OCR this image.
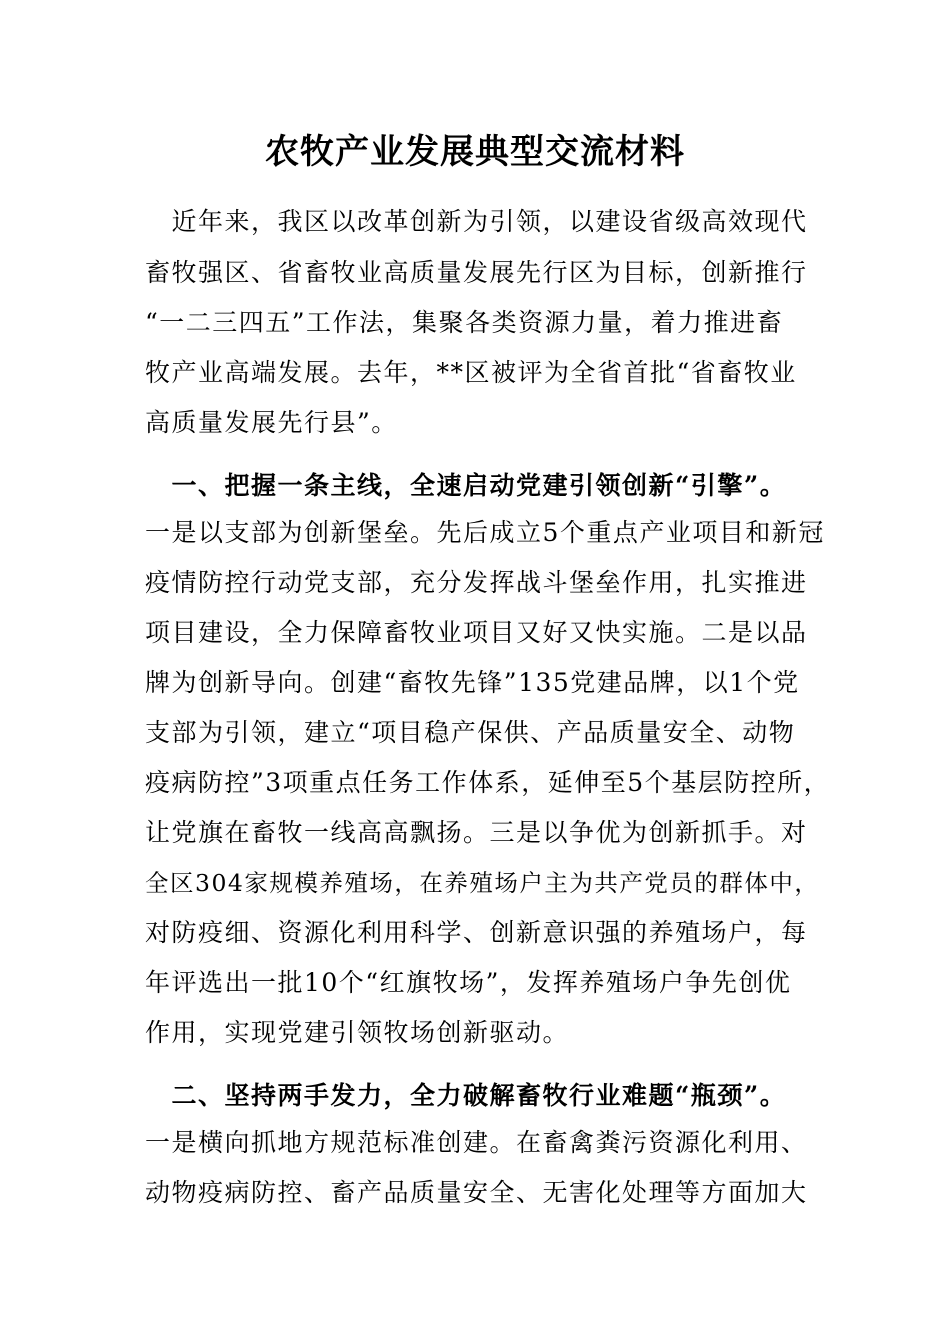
农牧产业发展典型交流材料
　近年来，我区以改革创新为引领，以建设省级高效现代
畜牧强区、省畜牧业高质量发展先行区为目标，创新推行
“一二三四五”工作法，集聚各类资源力量，着力推进畜
牧产业高端发展。去年，**区被评为全省首批“省畜牧业
高质量发展先行县”。
　一、把握一条主线，全速启动党建引领创新“引擎”。
一是以支部为创新堡垒。先后成立5个重点产业项目和新冠
疫情防控行动党支部，充分发挥战斗堡垒作用，扎实推进
项目建设，全力保障畜牧业项目又好又快实施。二是以品
牌为创新导向。创建“畜牧先锋”135党建品牌，以1个党
支部为引领，建立“项目稳产保供、产品质量安全、动物
疫病防控”3项重点任务工作体系，延伸至5个基层防控所，
让党旗在畜牧一线高高飘扬。三是以争优为创新抓手。对
全区304家规模养殖场，在养殖场户主为共产党员的群体中，
对防疫细、资源化利用科学、创新意识强的养殖场户，每
年评选出一批10个“红旗牧场”，发挥养殖场户争先创优
作用，实现党建引领牧场创新驱动。
　二、坚持两手发力，全力破解畜牧行业难题“瓶颈”。
一是横向抓地方规范标准创建。在畜禽粪污资源化利用、
动物疫病防控、畜产品质量安全、无害化处理等方面加大
